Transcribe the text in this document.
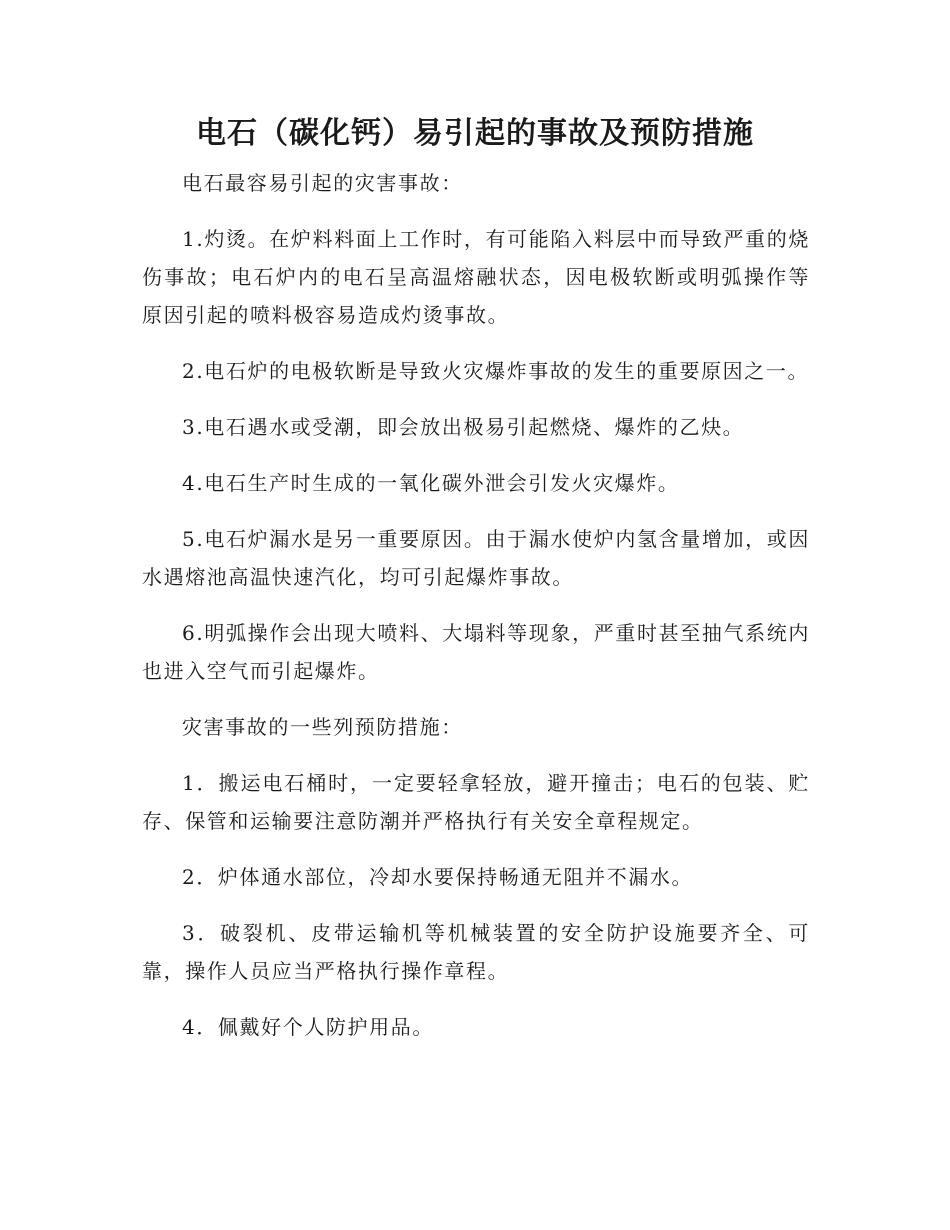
电石（碳化钙）易引起的事故及预防措施

电石最容易引起的灾害事故：

1.灼烫。在炉料料面上工作时，有可能陷入料层中而导致严重的烧伤事故；电石炉内的电石呈高温熔融状态，因电极软断或明弧操作等原因引起的喷料极容易造成灼烫事故。

2.电石炉的电极软断是导致火灾爆炸事故的发生的重要原因之一。

3.电石遇水或受潮，即会放出极易引起燃烧、爆炸的乙炔。

4.电石生产时生成的一氧化碳外泄会引发火灾爆炸。

5.电石炉漏水是另一重要原因。由于漏水使炉内氢含量增加，或因水遇熔池高温快速汽化，均可引起爆炸事故。

6.明弧操作会出现大喷料、大塌料等现象，严重时甚至抽气系统内也进入空气而引起爆炸。

灾害事故的一些列预防措施：

1．搬运电石桶时，一定要轻拿轻放，避开撞击；电石的包装、贮存、保管和运输要注意防潮并严格执行有关安全章程规定。

2．炉体通水部位，冷却水要保持畅通无阻并不漏水。

3．破裂机、皮带运输机等机械装置的安全防护设施要齐全、可靠，操作人员应当严格执行操作章程。

4．佩戴好个人防护用品。
